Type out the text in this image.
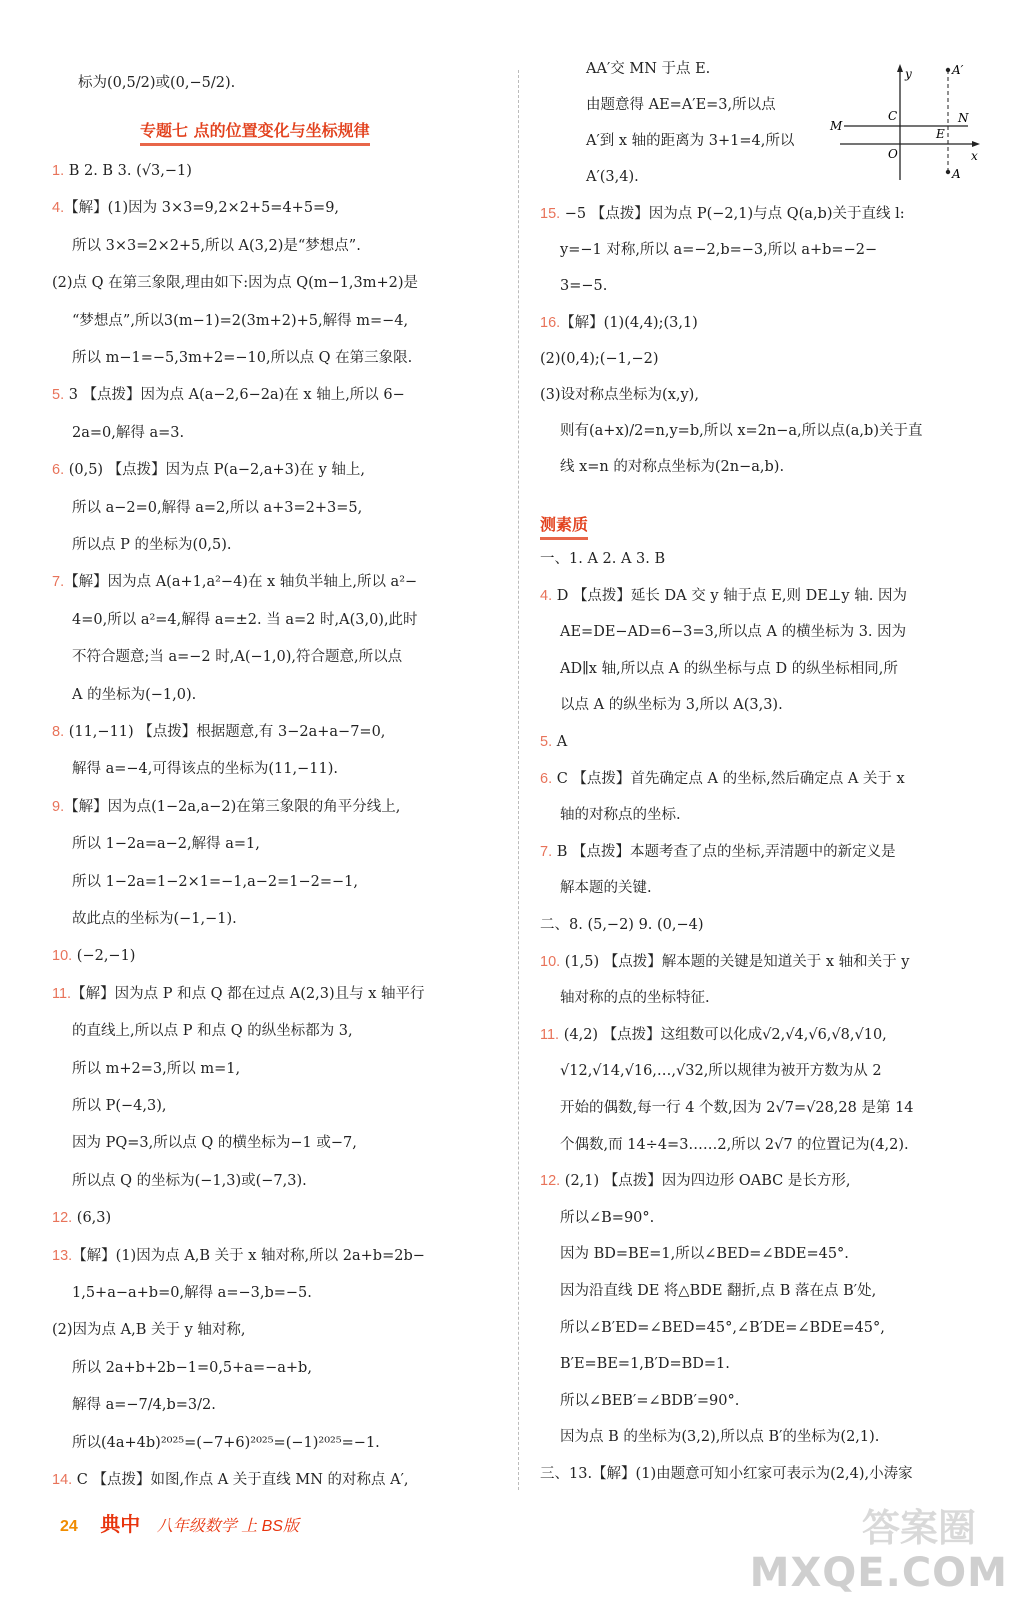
标为(0,5/2)或(0,−5/2).
专题七 点的位置变化与坐标规律
1. B 2. B 3. (√3,−1)
4.【解】(1)因为 3×3=9,2×2+5=4+5=9,
所以 3×3=2×2+5,所以 A(3,2)是“梦想点”.
(2)点 Q 在第三象限,理由如下:因为点 Q(m−1,3m+2)是
“梦想点”,所以3(m−1)=2(3m+2)+5,解得 m=−4,
所以 m−1=−5,3m+2=−10,所以点 Q 在第三象限.
5. 3 【点拨】因为点 A(a−2,6−2a)在 x 轴上,所以 6−
2a=0,解得 a=3.
6. (0,5) 【点拨】因为点 P(a−2,a+3)在 y 轴上,
所以 a−2=0,解得 a=2,所以 a+3=2+3=5,
所以点 P 的坐标为(0,5).
7.【解】因为点 A(a+1,a²−4)在 x 轴负半轴上,所以 a²−
4=0,所以 a²=4,解得 a=±2. 当 a=2 时,A(3,0),此时
不符合题意;当 a=−2 时,A(−1,0),符合题意,所以点
A 的坐标为(−1,0).
8. (11,−11) 【点拨】根据题意,有 3−2a+a−7=0,
解得 a=−4,可得该点的坐标为(11,−11).
9.【解】因为点(1−2a,a−2)在第三象限的角平分线上,
所以 1−2a=a−2,解得 a=1,
所以 1−2a=1−2×1=−1,a−2=1−2=−1,
故此点的坐标为(−1,−1).
10. (−2,−1)
11.【解】因为点 P 和点 Q 都在过点 A(2,3)且与 x 轴平行
的直线上,所以点 P 和点 Q 的纵坐标都为 3,
所以 m+2=3,所以 m=1,
所以 P(−4,3),
因为 PQ=3,所以点 Q 的横坐标为−1 或−7,
所以点 Q 的坐标为(−1,3)或(−7,3).
12. (6,3)
13.【解】(1)因为点 A,B 关于 x 轴对称,所以 2a+b=2b−
1,5+a−a+b=0,解得 a=−3,b=−5.
(2)因为点 A,B 关于 y 轴对称,
所以 2a+b+2b−1=0,5+a=−a+b,
解得 a=−7/4,b=3/2.
所以(4a+4b)²⁰²⁵=(−7+6)²⁰²⁵=(−1)²⁰²⁵=−1.
14. C 【点拨】如图,作点 A 关于直线 MN 的对称点 A′,
AA′交 MN 于点 E.
由题意得 AE=A′E=3,所以点
A′到 x 轴的距离为 3+1=4,所以
A′(3,4).
y
x
A′
A
M
N
C
E
O
15. −5 【点拨】因为点 P(−2,1)与点 Q(a,b)关于直线 l:
y=−1 对称,所以 a=−2,b=−3,所以 a+b=−2−
3=−5.
16.【解】(1)(4,4);(3,1)
(2)(0,4);(−1,−2)
(3)设对称点坐标为(x,y),
则有(a+x)/2=n,y=b,所以 x=2n−a,所以点(a,b)关于直
线 x=n 的对称点坐标为(2n−a,b).
测素质
一、1. A 2. A 3. B
4. D 【点拨】延长 DA 交 y 轴于点 E,则 DE⊥y 轴. 因为
AE=DE−AD=6−3=3,所以点 A 的横坐标为 3. 因为
AD∥x 轴,所以点 A 的纵坐标与点 D 的纵坐标相同,所
以点 A 的纵坐标为 3,所以 A(3,3).
5. A
6. C 【点拨】首先确定点 A 的坐标,然后确定点 A 关于 x
轴的对称点的坐标.
7. B 【点拨】本题考查了点的坐标,弄清题中的新定义是
解本题的关键.
二、8. (5,−2) 9. (0,−4)
10. (1,5) 【点拨】解本题的关键是知道关于 x 轴和关于 y
轴对称的点的坐标特征.
11. (4,2) 【点拨】这组数可以化成√2,√4,√6,√8,√10,
√12,√14,√16,…,√32,所以规律为被开方数为从 2
开始的偶数,每一行 4 个数,因为 2√7=√28,28 是第 14
个偶数,而 14÷4=3……2,所以 2√7 的位置记为(4,2).
12. (2,1) 【点拨】因为四边形 OABC 是长方形,
所以∠B=90°.
因为 BD=BE=1,所以∠BED=∠BDE=45°.
因为沿直线 DE 将△BDE 翻折,点 B 落在点 B′处,
所以∠B′ED=∠BED=45°,∠B′DE=∠BDE=45°,
B′E=BE=1,B′D=BD=1.
所以∠BEB′=∠BDB′=90°.
因为点 B 的坐标为(3,2),所以点 B′的坐标为(2,1).
三、13.【解】(1)由题意可知小红家可表示为(2,4),小涛家
24 典中 八年级数学 上 BS版	答案圈
MXQE.COM
